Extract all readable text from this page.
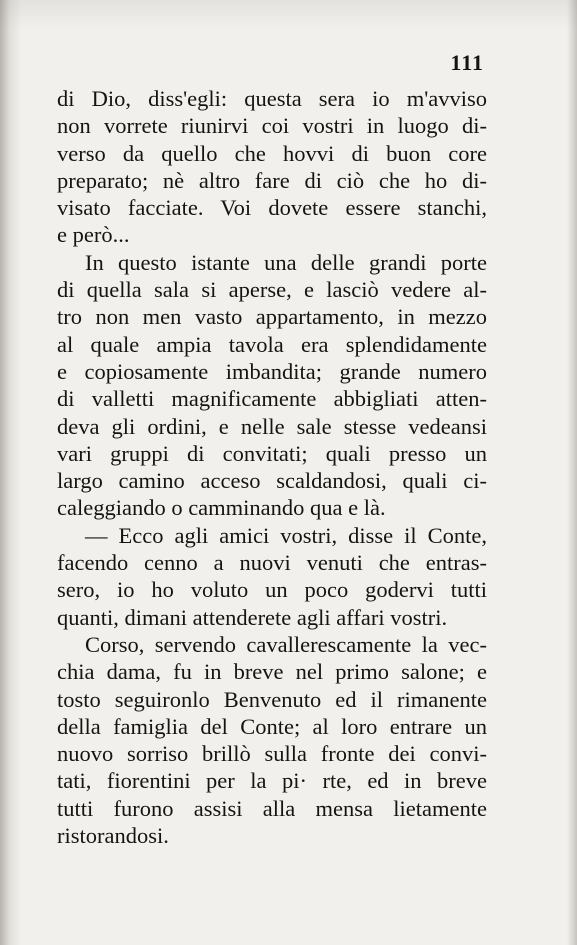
111
di Dio, diss'egli: questa sera io m'avviso
non vorrete riunirvi coi vostri in luogo di-
verso da quello che hovvi di buon core
preparato; nè altro fare di ciò che ho di-
visato facciate. Voi dovete essere stanchi,
e però...
In questo istante una delle grandi porte
di quella sala si aperse, e lasciò vedere al-
tro non men vasto appartamento, in mezzo
al quale ampia tavola era splendidamente
e copiosamente imbandita; grande numero
di valletti magnificamente abbigliati atten-
deva gli ordini, e nelle sale stesse vedeansi
vari gruppi di convitati; quali presso un
largo camino acceso scaldandosi, quali ci-
caleggiando o camminando qua e là.
— Ecco agli amici vostri, disse il Conte,
facendo cenno a nuovi venuti che entras-
sero, io ho voluto un poco godervi tutti
quanti, dimani attenderete agli affari vostri.
Corso, servendo cavallerescamente la vec-
chia dama, fu in breve nel primo salone; e
tosto seguironlo Benvenuto ed il rimanente
della famiglia del Conte; al loro entrare un
nuovo sorriso brillò sulla fronte dei convi-
tati, fiorentini per la pi· rte, ed in breve
tutti furono assisi alla mensa lietamente
ristorandosi.
